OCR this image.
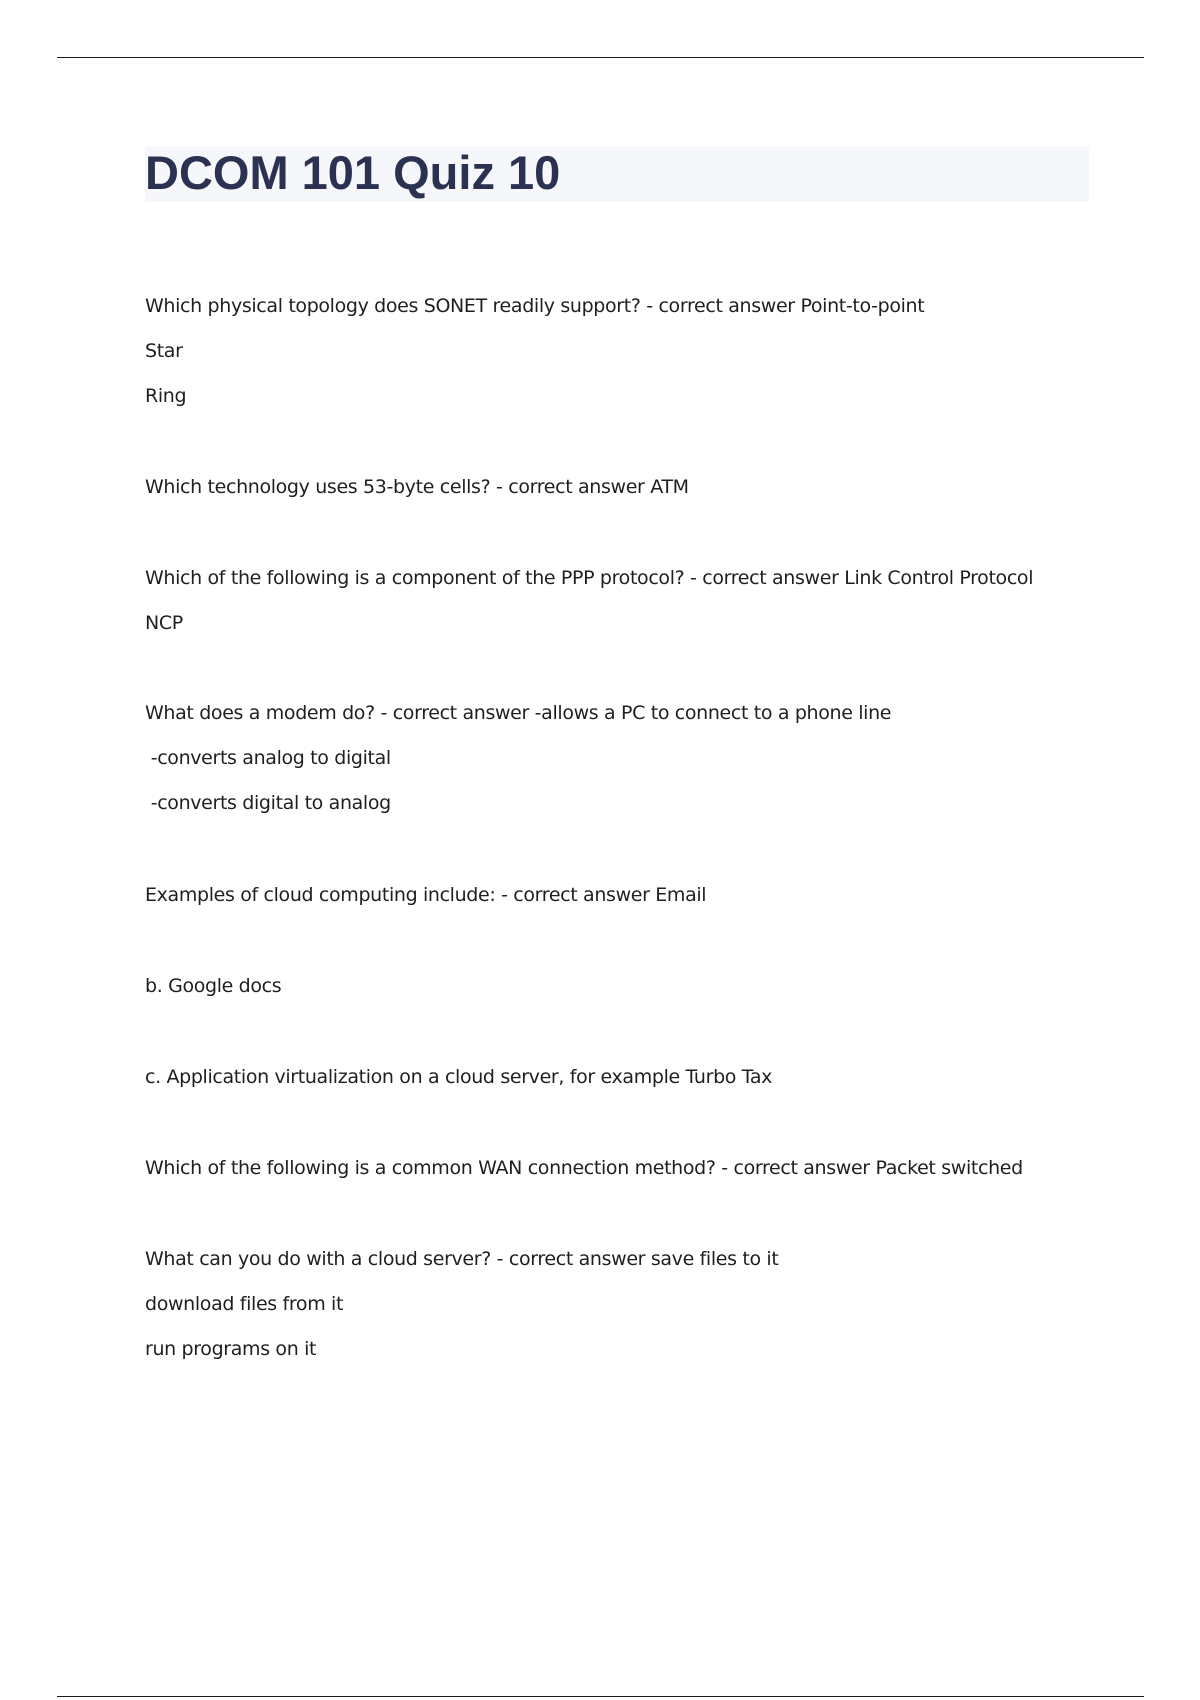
DCOM 101 Quiz 10
Which physical topology does SONET readily support? - correct answer Point-to-point
Star
Ring
Which technology uses 53-byte cells? - correct answer ATM
Which of the following is a component of the PPP protocol? - correct answer Link Control Protocol
NCP
What does a modem do? - correct answer -allows a PC to connect to a phone line
-converts analog to digital
-converts digital to analog
Examples of cloud computing include: - correct answer Email
b. Google docs
c. Application virtualization on a cloud server, for example Turbo Tax
Which of the following is a common WAN connection method? - correct answer Packet switched
What can you do with a cloud server? - correct answer save files to it
download files from it
run programs on it
